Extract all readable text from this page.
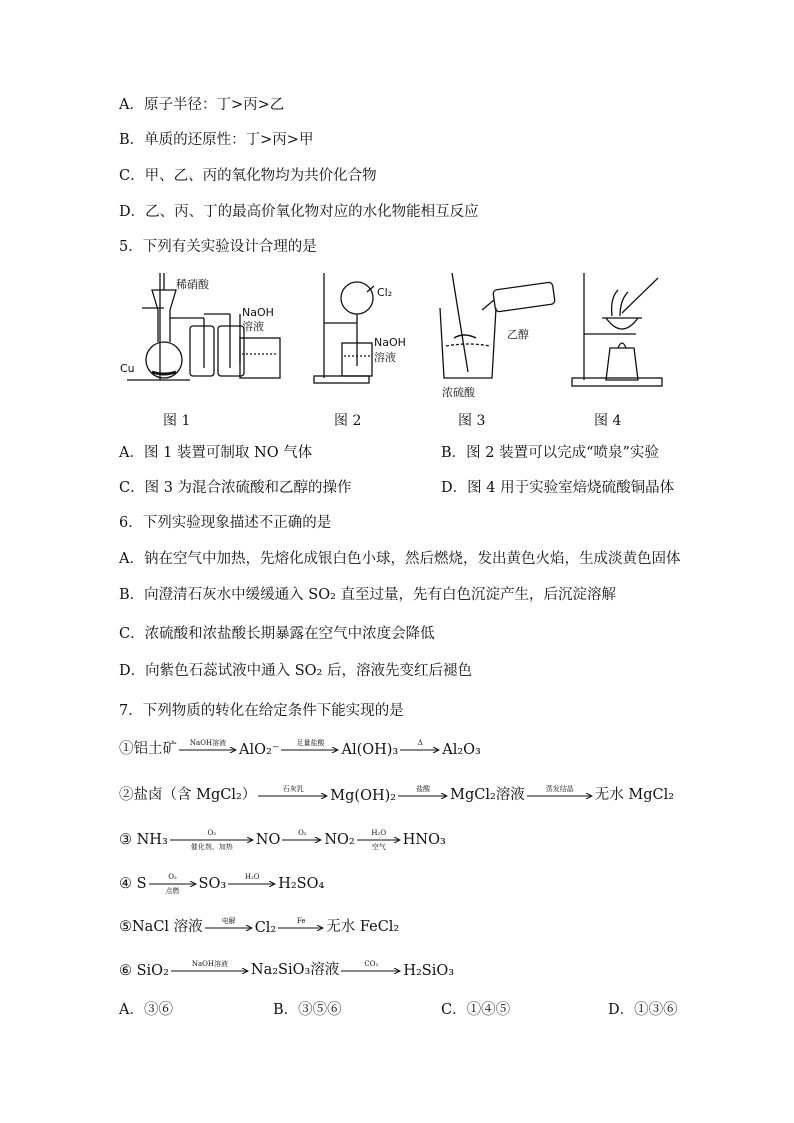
A．原子半径：丁>丙>乙
B．单质的还原性：丁>丙>甲
C．甲、乙、丙的氧化物均为共价化合物
D．乙、丙、丁的最高价氧化物对应的水化物能相互反应
5．下列有关实验设计合理的是
稀硝酸
NaOH
溶液
Cu
Cl₂
NaOH
溶液
乙醇
浓硫酸
图 1	图 2	图 3	图 4
A．图 1 装置可制取 NO 气体	B．图 2 装置可以完成“喷泉”实验
C．图 3 为混合浓硫酸和乙醇的操作	D．图 4 用于实验室焙烧硫酸铜晶体
6．下列实验现象描述不正确的是
A．钠在空气中加热，先熔化成银白色小球，然后燃烧，发出黄色火焰，生成淡黄色固体
B．向澄清石灰水中缓缓通入 SO₂ 直至过量，先有白色沉淀产生，后沉淀溶解
C．浓硫酸和浓盐酸长期暴露在空气中浓度会降低
D．向紫色石蕊试液中通入 SO₂ 后，溶液先变红后褪色
7．下列物质的转化在给定条件下能实现的是
①铝土矿 NaOH溶液 AlO₂⁻ 足量盐酸 Al(OH)₃	Δ Al₂O₃
②盐卤（含 MgCl₂）	石灰乳 Mg(OH)₂	盐酸 MgCl₂溶液	蒸发结晶 无水 MgCl₂
③ NH₃	O₂
催化剂、加热 NO	O₂ NO₂ H₂O
空气 HNO₃
④ S	O₂
点燃 SO₃	H₂O H₂SO₄
⑤NaCl 溶液	电解 Cl₂	Fe 无水 FeCl₂
⑥ SiO₂	NaOH溶液 Na₂SiO₃溶液	CO₂ H₂SiO₃
A．③⑥	B．③⑤⑥	C．①④⑤	D．①③⑥
